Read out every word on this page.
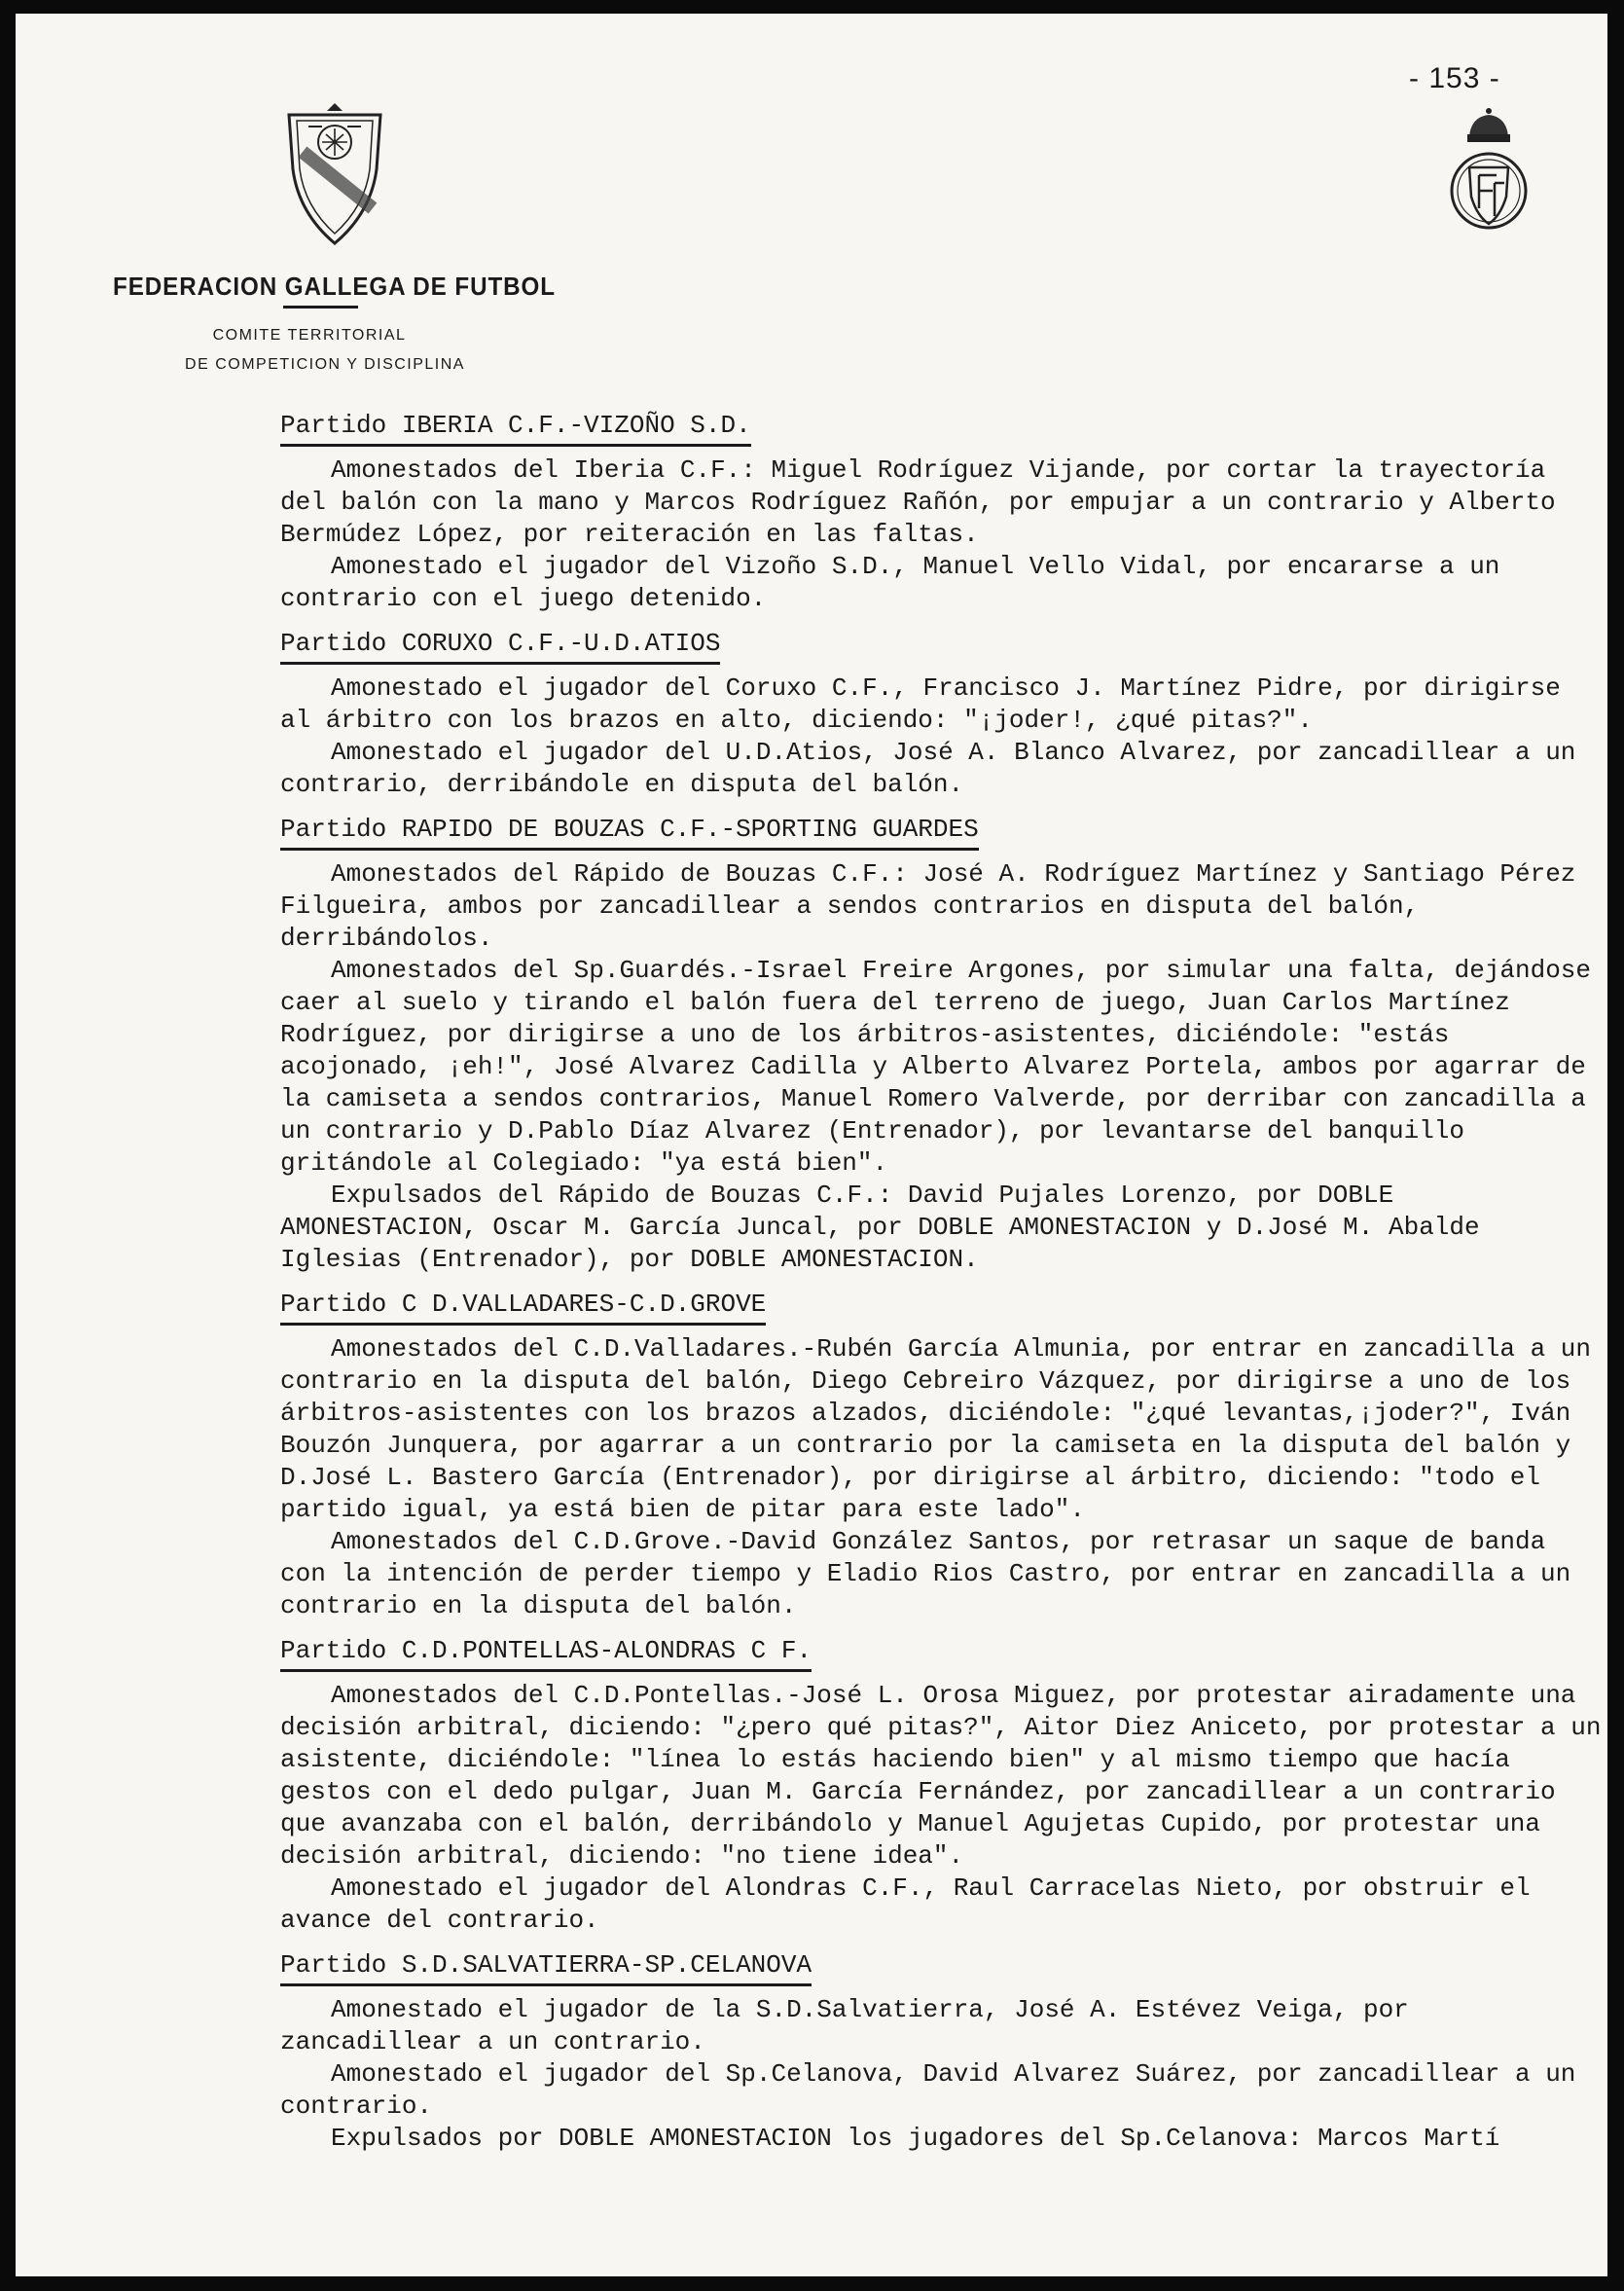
- 153 -
FEDERACION GALLEGA DE FUTBOL
COMITE TERRITORIAL
DE COMPETICION Y DISCIPLINA
Partido IBERIA C.F.-VIZOÑO S.D.

Amonestados del Iberia C.F.: Miguel Rodríguez Vijande, por cortar la trayectoría del balón con la mano y Marcos Rodríguez Rañón, por empujar a un contrario y Alberto Bermúdez López, por reiteración en las faltas.

Amonestado el jugador del Vizoño S.D., Manuel Vello Vidal, por encararse a un contrario con el juego detenido.

Partido CORUXO C.F.-U.D.ATIOS

Amonestado el jugador del Coruxo C.F., Francisco J. Martínez Pidre, por dirigirse al árbitro con los brazos en alto, diciendo: "¡joder!, ¿qué pitas?".

Amonestado el jugador del U.D.Atios, José A. Blanco Alvarez, por zancadillear a un contrario, derribándole en disputa del balón.

Partido RAPIDO DE BOUZAS C.F.-SPORTING GUARDES

Amonestados del Rápido de Bouzas C.F.: José A. Rodríguez Martínez y Santiago Pérez Filgueira, ambos por zancadillear a sendos contrarios en disputa del balón, derribándolos.

Amonestados del Sp.Guardés.-Israel Freire Argones, por simular una falta, dejándose caer al suelo y tirando el balón fuera del terreno de juego, Juan Carlos Martínez Rodríguez, por dirigirse a uno de los árbitros-asistentes, diciéndole: "estás acojonado, ¡eh!", José Alvarez Cadilla y Alberto Alvarez Portela, ambos por agarrar de la camiseta a sendos contrarios, Manuel Romero Valverde, por derribar con zancadilla a un contrario y D.Pablo Díaz Alvarez (Entrenador), por levantarse del banquillo gritándole al Colegiado: "ya está bien".

Expulsados del Rápido de Bouzas C.F.: David Pujales Lorenzo, por DOBLE AMONESTACION, Oscar M. García Juncal, por DOBLE AMONESTACION y D.José M. Abalde Iglesias (Entrenador), por DOBLE AMONESTACION.

Partido C D.VALLADARES-C.D.GROVE

Amonestados del C.D.Valladares.-Rubén García Almunia, por entrar en zancadilla a un contrario en la disputa del balón, Diego Cebreiro Vázquez, por dirigirse a uno de los árbitros-asistentes con los brazos alzados, diciéndole: "¿qué levantas,¡joder?", Iván Bouzón Junquera, por agarrar a un contrario por la camiseta en la disputa del balón y D.José L. Bastero García (Entrenador), por dirigirse al árbitro, diciendo: "todo el partido igual, ya está bien de pitar para este lado".

Amonestados del C.D.Grove.-David González Santos, por retrasar un saque de banda con la intención de perder tiempo y Eladio Rios Castro, por entrar en zancadilla a un contrario en la disputa del balón.

Partido C.D.PONTELLAS-ALONDRAS C F.

Amonestados del C.D.Pontellas.-José L. Orosa Miguez, por protestar airadamente una decisión arbitral, diciendo: "¿pero qué pitas?", Aitor Diez Aniceto, por protestar a un asistente, diciéndole: "línea lo estás haciendo bien" y al mismo tiempo que hacía gestos con el dedo pulgar, Juan M. García Fernández, por zancadillear a un contrario que avanzaba con el balón, derribándolo y Manuel Agujetas Cupido, por protestar una decisión arbitral, diciendo: "no tiene idea".

Amonestado el jugador del Alondras C.F., Raul Carracelas Nieto, por obstruir el avance del contrario.

Partido S.D.SALVATIERRA-SP.CELANOVA

Amonestado el jugador de la S.D.Salvatierra, José A. Estévez Veiga, por zancadillear a un contrario.

Amonestado el jugador del Sp.Celanova, David Alvarez Suárez, por zancadillear a un contrario.

Expulsados por DOBLE AMONESTACION los jugadores del Sp.Celanova: Marcos Martí
